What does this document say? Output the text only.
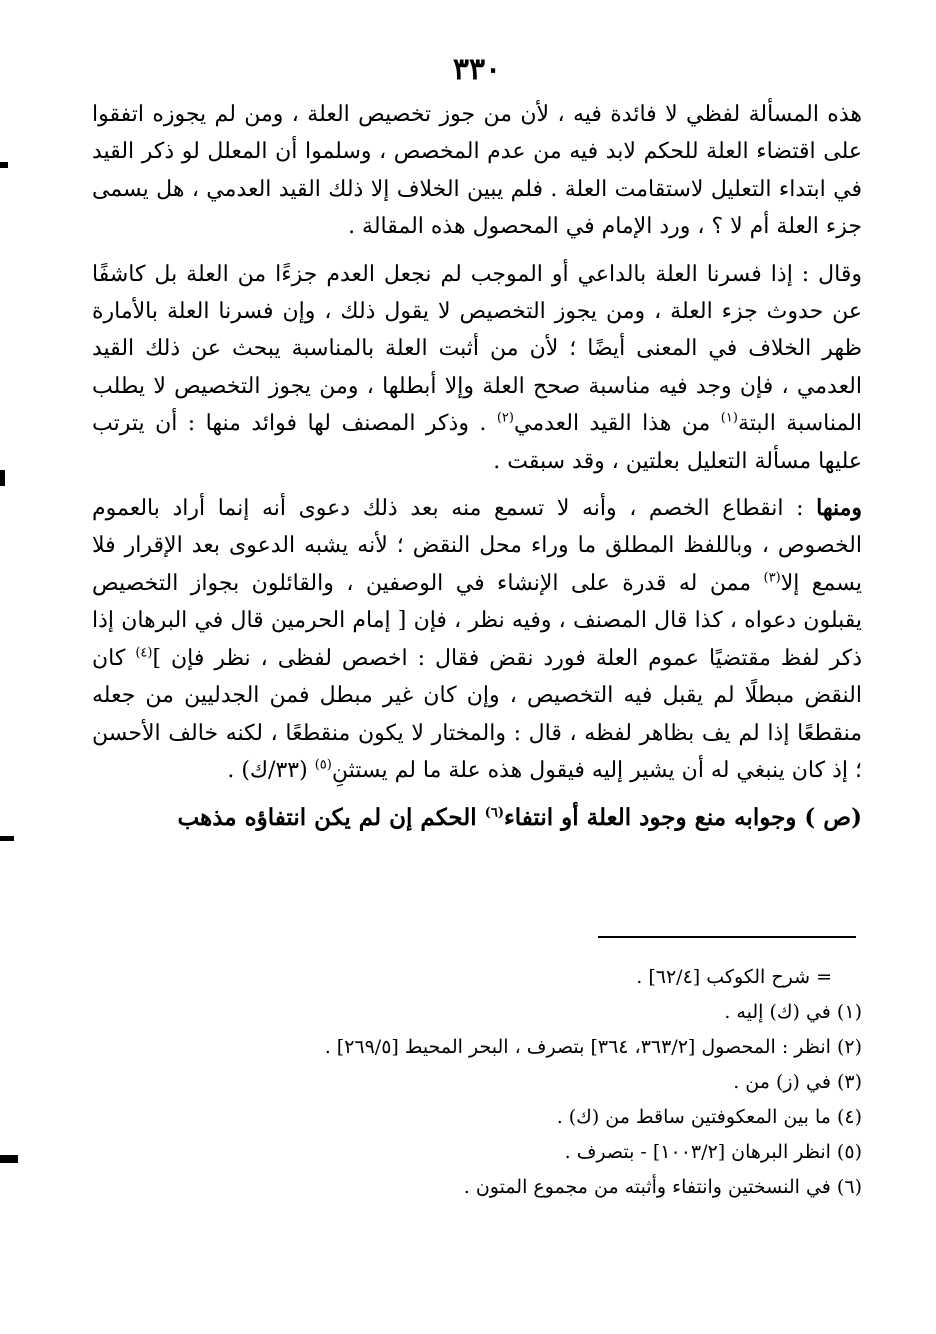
٣٣٠

هذه المسألة لفظي لا فائدة فيه ، لأن من جوز تخصيص العلة ، ومن لم يجوزه اتفقوا على اقتضاء العلة للحكم لابد فيه من عدم المخصص ، وسلموا أن المعلل لو ذكر القيد في ابتداء التعليل لاستقامت العلة . فلم يبين الخلاف إلا ذلك القيد العدمي ، هل يسمى جزء العلة أم لا ؟ ، ورد الإمام في المحصول هذه المقالة .

وقال : إذا فسرنا العلة بالداعي أو الموجب لم نجعل العدم جزءًا من العلة بل كاشفًا عن حدوث جزء العلة ، ومن يجوز التخصيص لا يقول ذلك ، وإن فسرنا العلة بالأمارة ظهر الخلاف في المعنى أيضًا ؛ لأن من أثبت العلة بالمناسبة يبحث عن ذلك القيد العدمي ، فإن وجد فيه مناسبة صحح العلة وإلا أبطلها ، ومن يجوز التخصيص لا يطلب المناسبة البتة$^{(١)}$ من هذا القيد العدمي$^{(٢)}$ . وذكر المصنف لها فوائد منها : أن يترتب عليها مسألة التعليل بعلتين ، وقد سبقت .

ومنها : انقطاع الخصم ، وأنه لا تسمع منه بعد ذلك دعوى أنه إنما أراد بالعموم الخصوص ، وباللفظ المطلق ما وراء محل النقض ؛ لأنه يشبه الدعوى بعد الإقرار فلا يسمع إلا$^{(٣)}$ ممن له قدرة على الإنشاء في الوصفين ، والقائلون بجواز التخصيص يقبلون دعواه ، كذا قال المصنف ، وفيه نظر ، فإن [ إمام الحرمين قال في البرهان إذا ذكر لفظ مقتضيًا عموم العلة فورد نقض فقال : اخصص لفظى ، نظر فإن ]$^{(٤)}$ كان النقض مبطلًا لم يقبل فيه التخصيص ، وإن كان غير مبطل فمن الجدليين من جعله منقطعًا إذا لم يف بظاهر لفظه ، قال : والمختار لا يكون منقطعًا ، لكنه خالف الأحسن ؛ إذ كان ينبغي له أن يشير إليه فيقول هذه علة ما لم يستثنِ$^{(٥)}$ (٣٣/ك) .

(ص ) وجوابه منع وجود العلة أو انتفاء$^{(٦)}$ الحكم إن لم يكن انتفاؤه مذهب

= شرح الكوكب [٦٢/٤] .

(١) في (ك) إليه .

(٢) انظر : المحصول [٣٦٣/٢، ٣٦٤] بتصرف ، البحر المحيط [٢٦٩/٥] .

(٣) في (ز) من .

(٤) ما بين المعكوفتين ساقط من (ك) .

(٥) انظر البرهان [١٠٠٣/٢] - بتصرف .

(٦) في النسختين وانتفاء وأثبته من مجموع المتون .
